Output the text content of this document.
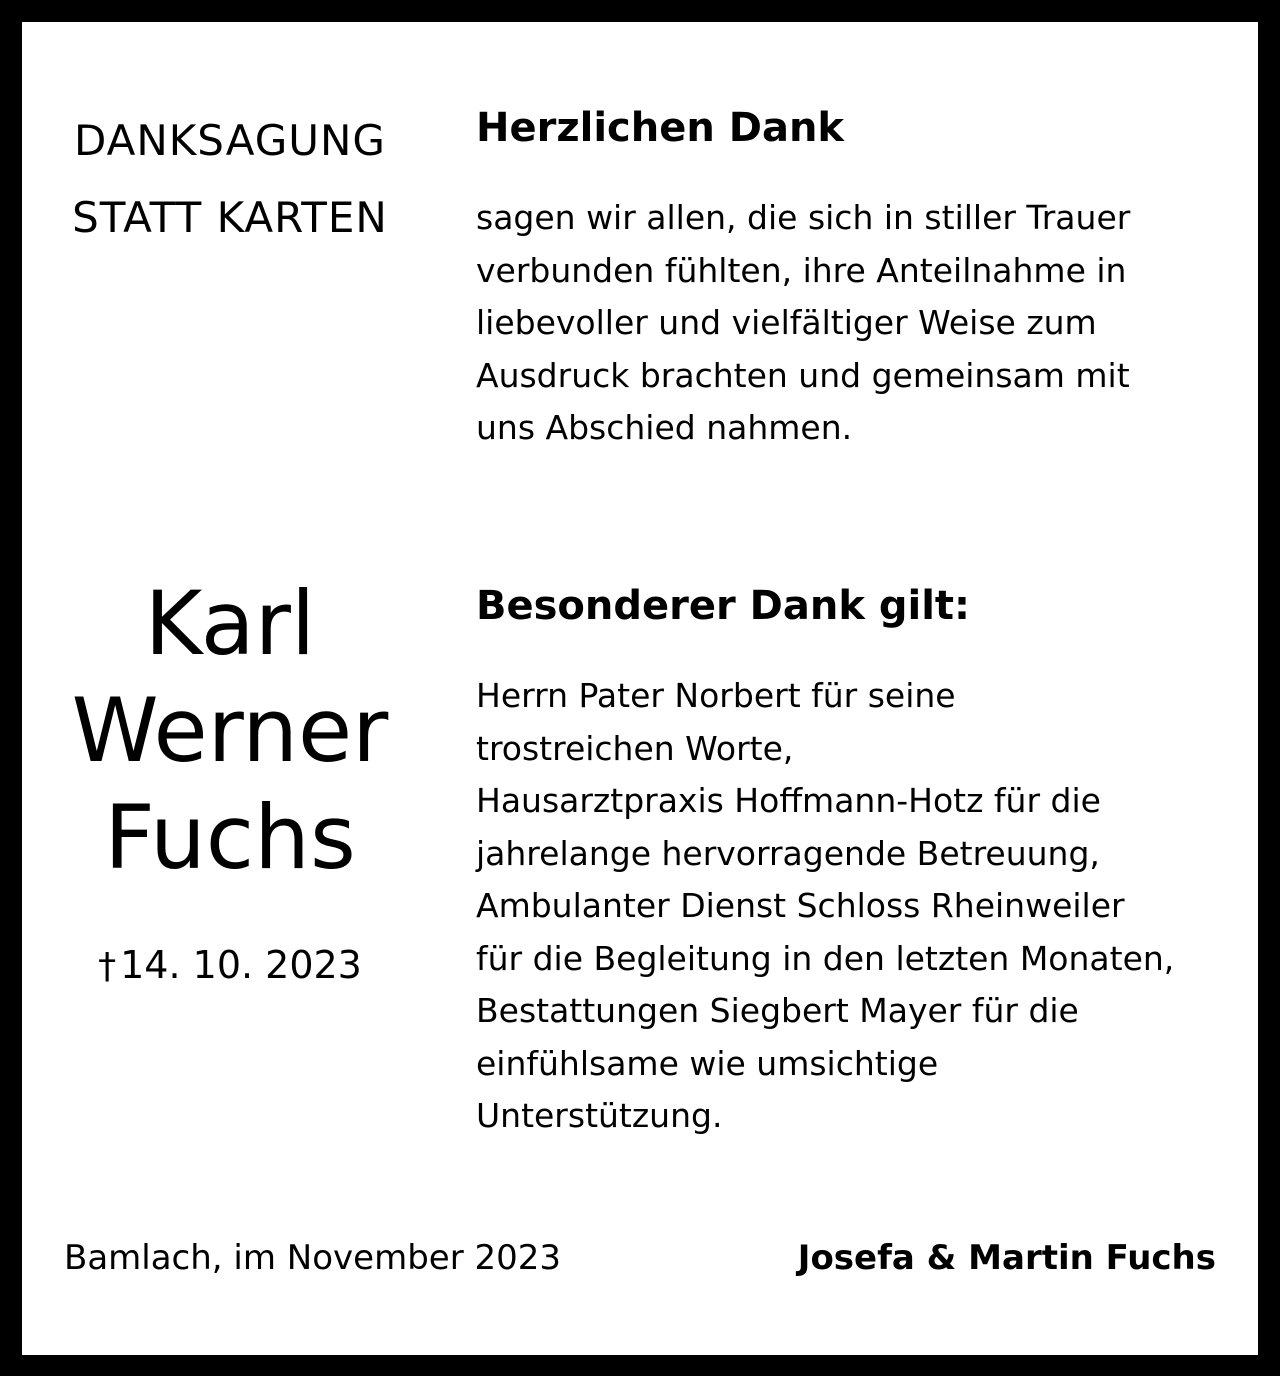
DANKSAGUNG
STATT KARTEN
Karl
Werner
Fuchs
† 14. 10. 2023
Herzlichen Dank
sagen wir allen, die sich in stiller Trauer
verbunden fühlten, ihre Anteilnahme in
liebevoller und vielfältiger Weise zum
Ausdruck brachten und gemeinsam mit
uns Abschied nahmen.
Besonderer Dank gilt:
Herrn Pater Norbert für seine
trostreichen Worte,
Hausarztpraxis Hoffmann-Hotz für die
jahrelange hervorragende Betreuung,
Ambulanter Dienst Schloss Rheinweiler
für die Begleitung in den letzten Monaten,
Bestattungen Siegbert Mayer für die
einfühlsame wie umsichtige
Unterstützung.
Bamlach, im November 2023	Josefa & Martin Fuchs
